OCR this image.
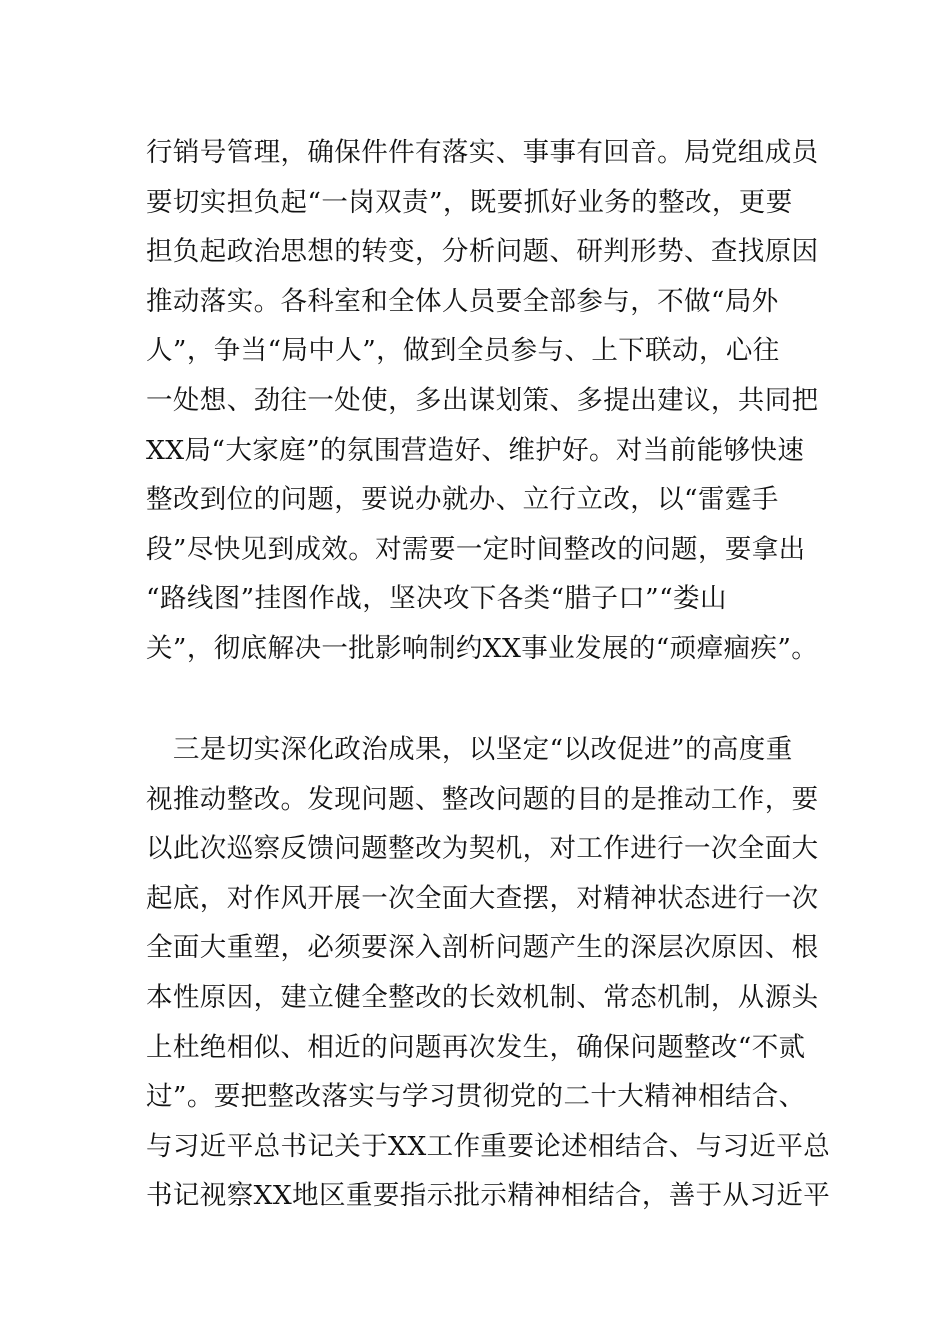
行销号管理，确保件件有落实、事事有回音。局党组成员
要切实担负起“一岗双责”，既要抓好业务的整改，更要
担负起政治思想的转变，分析问题、研判形势、查找原因
推动落实。各科室和全体人员要全部参与，不做“局外
人”，争当“局中人”，做到全员参与、上下联动，心往
一处想、劲往一处使，多出谋划策、多提出建议，共同把
XX局“大家庭”的氛围营造好、维护好。对当前能够快速
整改到位的问题，要说办就办、立行立改，以“雷霆手
段”尽快见到成效。对需要一定时间整改的问题，要拿出
“路线图”挂图作战，坚决攻下各类“腊子口”“娄山
关”，彻底解决一批影响制约XX事业发展的“顽瘴痼疾”。
　三是切实深化政治成果，以坚定“以改促进”的高度重
视推动整改。发现问题、整改问题的目的是推动工作，要
以此次巡察反馈问题整改为契机，对工作进行一次全面大
起底，对作风开展一次全面大查摆，对精神状态进行一次
全面大重塑，必须要深入剖析问题产生的深层次原因、根
本性原因，建立健全整改的长效机制、常态机制，从源头
上杜绝相似、相近的问题再次发生，确保问题整改“不贰
过”。要把整改落实与学习贯彻党的二十大精神相结合、
与习近平总书记关于XX工作重要论述相结合、与习近平总
书记视察XX地区重要指示批示精神相结合，善于从习近平
